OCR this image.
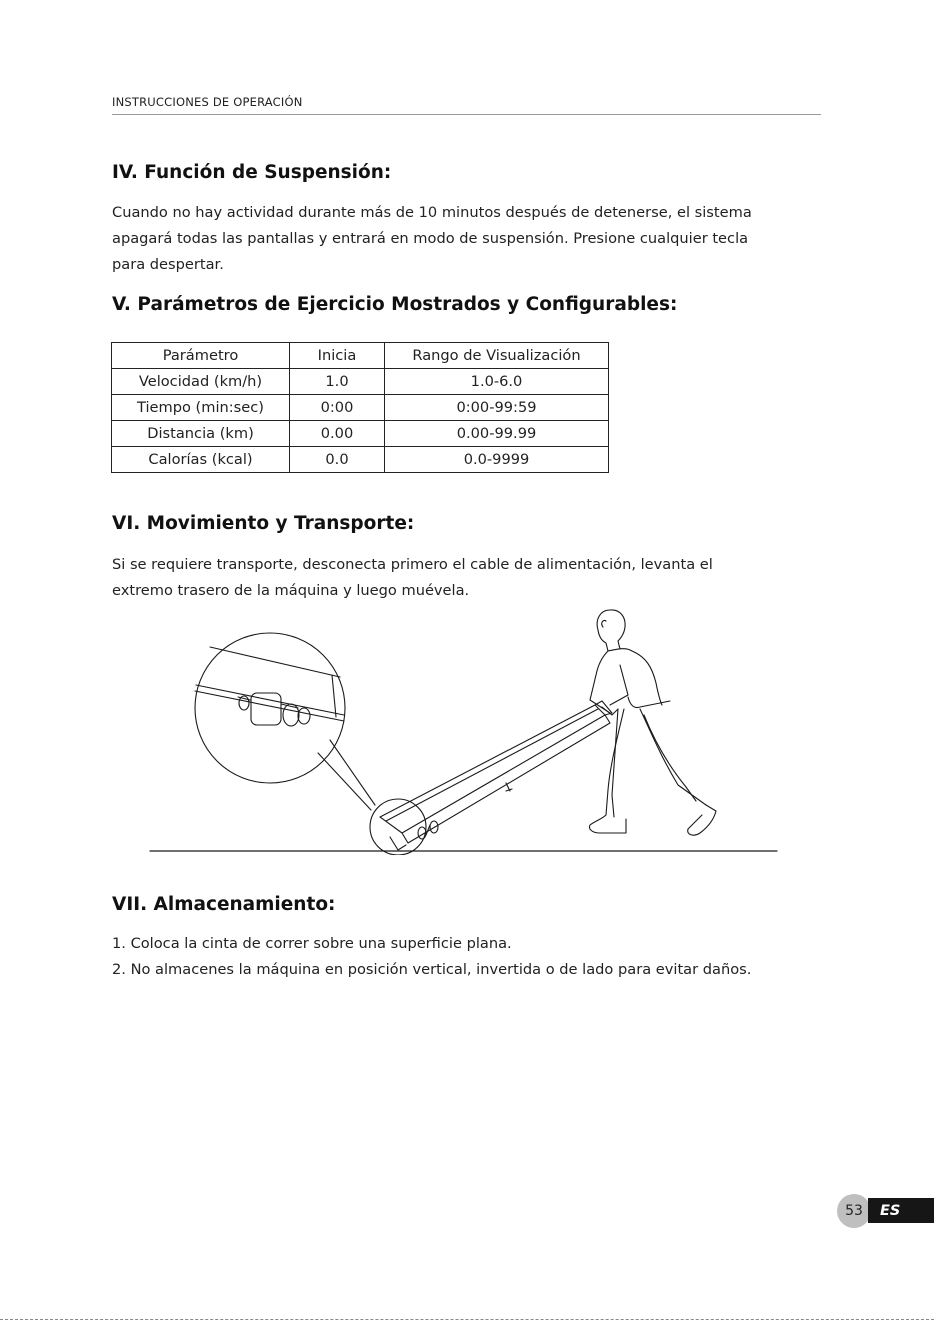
INSTRUCCIONES DE OPERACIÓN
IV. Función de Suspensión:

Cuando no hay actividad durante más de 10 minutos después de detenerse, el sistema
apagará todas las pantallas y entrará en modo de suspensión. Presione cualquier tecla
para despertar.

V. Parámetros de Ejercicio Mostrados y Configurables:
Parámetro	Inicia	Rango de Visualización
Velocidad (km/h)	1.0	1.0-6.0
Tiempo (min:sec)	0:00	0:00-99:59
Distancia (km)	0.00	0.00-99.99
Calorías (kcal)	0.0	0.0-9999
VI. Movimiento y Transporte:

Si se requiere transporte, desconecta primero el cable de alimentación, levanta el
extremo trasero de la máquina y luego muévela.

VII. Almacenamiento:

1. Coloca la cinta de correr sobre una superficie plana.
2. No almacenes la máquina en posición vertical, invertida o de lado para evitar daños.

53	ES
